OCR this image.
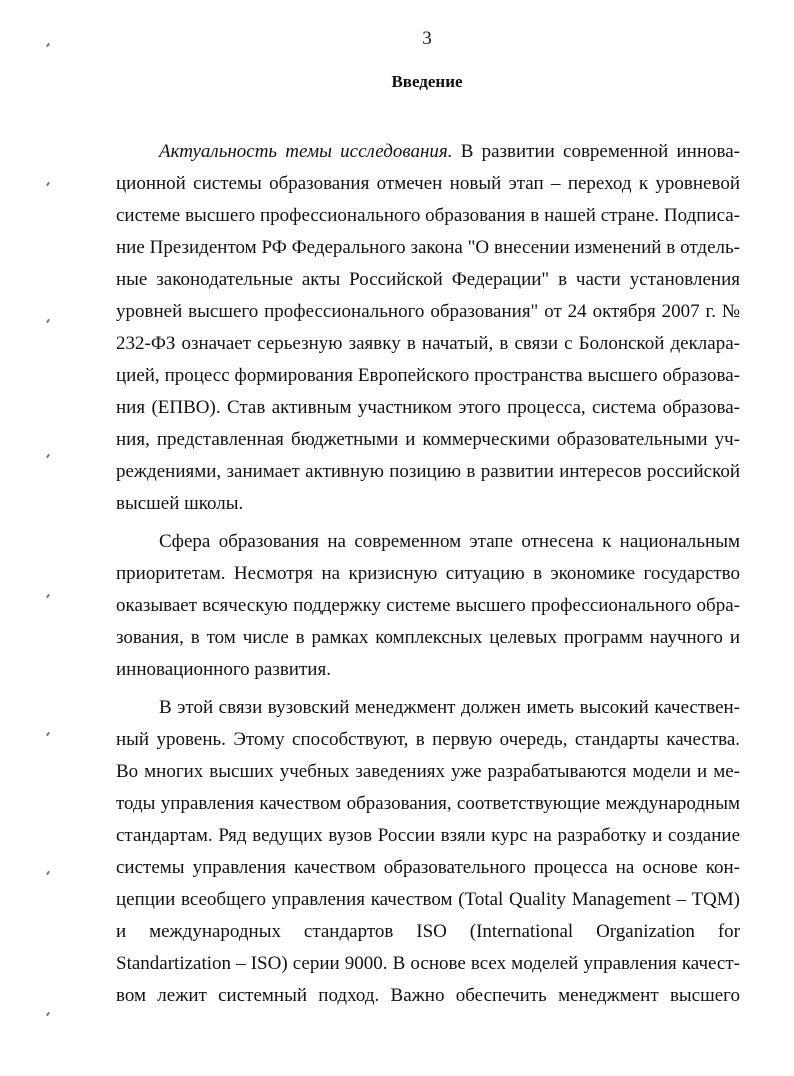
3
Введение
Актуальность темы исследования. В развитии современной иннова-
ционной системы образования отмечен новый этап – переход к уровневой
системе высшего профессионального образования в нашей стране. Подписа-
ние Президентом РФ Федерального закона "О внесении изменений в отдель-
ные законодательные акты Российской Федерации" в части установления
уровней высшего профессионального образования" от 24 октября 2007 г. №
232-ФЗ означает серьезную заявку в начатый, в связи с Болонской деклара-
цией, процесс формирования Европейского пространства высшего образова-
ния (ЕПВО). Став активным участником этого процесса, система образова-
ния, представленная бюджетными и коммерческими образовательными уч-
реждениями, занимает активную позицию в развитии интересов российской
высшей школы.
Сфера образования на современном этапе отнесена к национальным
приоритетам. Несмотря на кризисную ситуацию в экономике государство
оказывает всяческую поддержку системе высшего профессионального обра-
зования, в том числе в рамках комплексных целевых программ научного и
инновационного развития.
В этой связи вузовский менеджмент должен иметь высокий качествен-
ный уровень. Этому способствуют, в первую очередь, стандарты качества.
Во многих высших учебных заведениях уже разрабатываются модели и ме-
тоды управления качеством образования, соответствующие международным
стандартам. Ряд ведущих вузов России взяли курс на разработку и создание
системы управления качеством образовательного процесса на основе кон-
цепции всеобщего управления качеством (Total Quality Management – TQM)
и международных стандартов ISO (International Organization for
Standartization – ISO) серии 9000. В основе всех моделей управления качест-
вом лежит системный подход. Важно обеспечить менеджмент высшего
